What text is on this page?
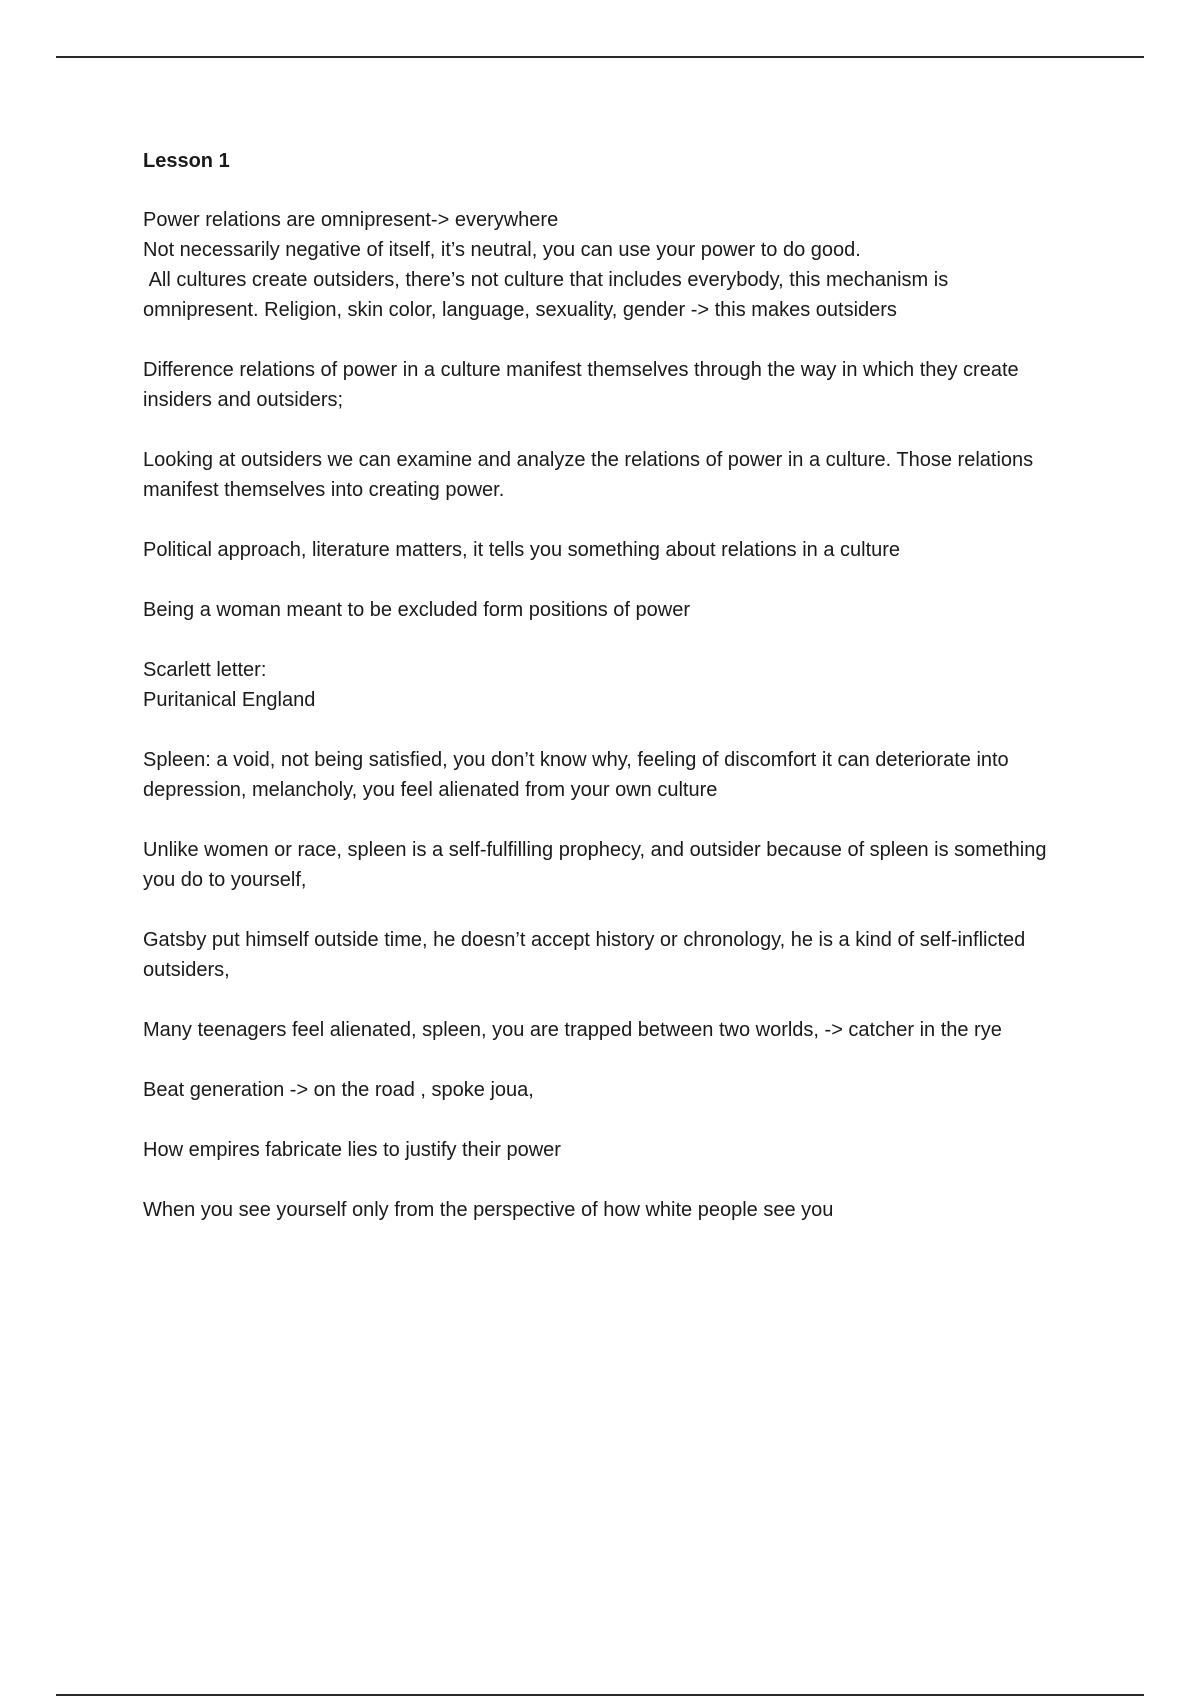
Lesson 1
Power relations are omnipresent-> everywhere
Not necessarily negative of itself, it’s neutral, you can use your power to do good.
All cultures create outsiders, there’s not culture that includes everybody, this mechanism is omnipresent. Religion, skin color, language, sexuality, gender -> this makes outsiders
Difference relations of power in a culture manifest themselves through the way in which they create insiders and outsiders;
Looking at outsiders we can examine and analyze the relations of power in a culture. Those relations manifest themselves into creating power.
Political approach, literature matters, it tells you something about relations in a culture
Being a woman meant to be excluded form positions of power
Scarlett letter:
Puritanical England
Spleen: a void, not being satisfied, you don’t know why, feeling of discomfort it can deteriorate into depression, melancholy, you feel alienated from your own culture
Unlike women or race, spleen is a self-fulfilling prophecy, and outsider because of spleen is something you do to yourself,
Gatsby put himself outside time, he doesn’t accept history or chronology, he is a kind of self-inflicted outsiders,
Many teenagers feel alienated, spleen, you are trapped between two worlds, -> catcher in the rye
Beat generation -> on the road , spoke joua,
How empires fabricate lies to justify their power
When you see yourself only from the perspective of how white people see you
